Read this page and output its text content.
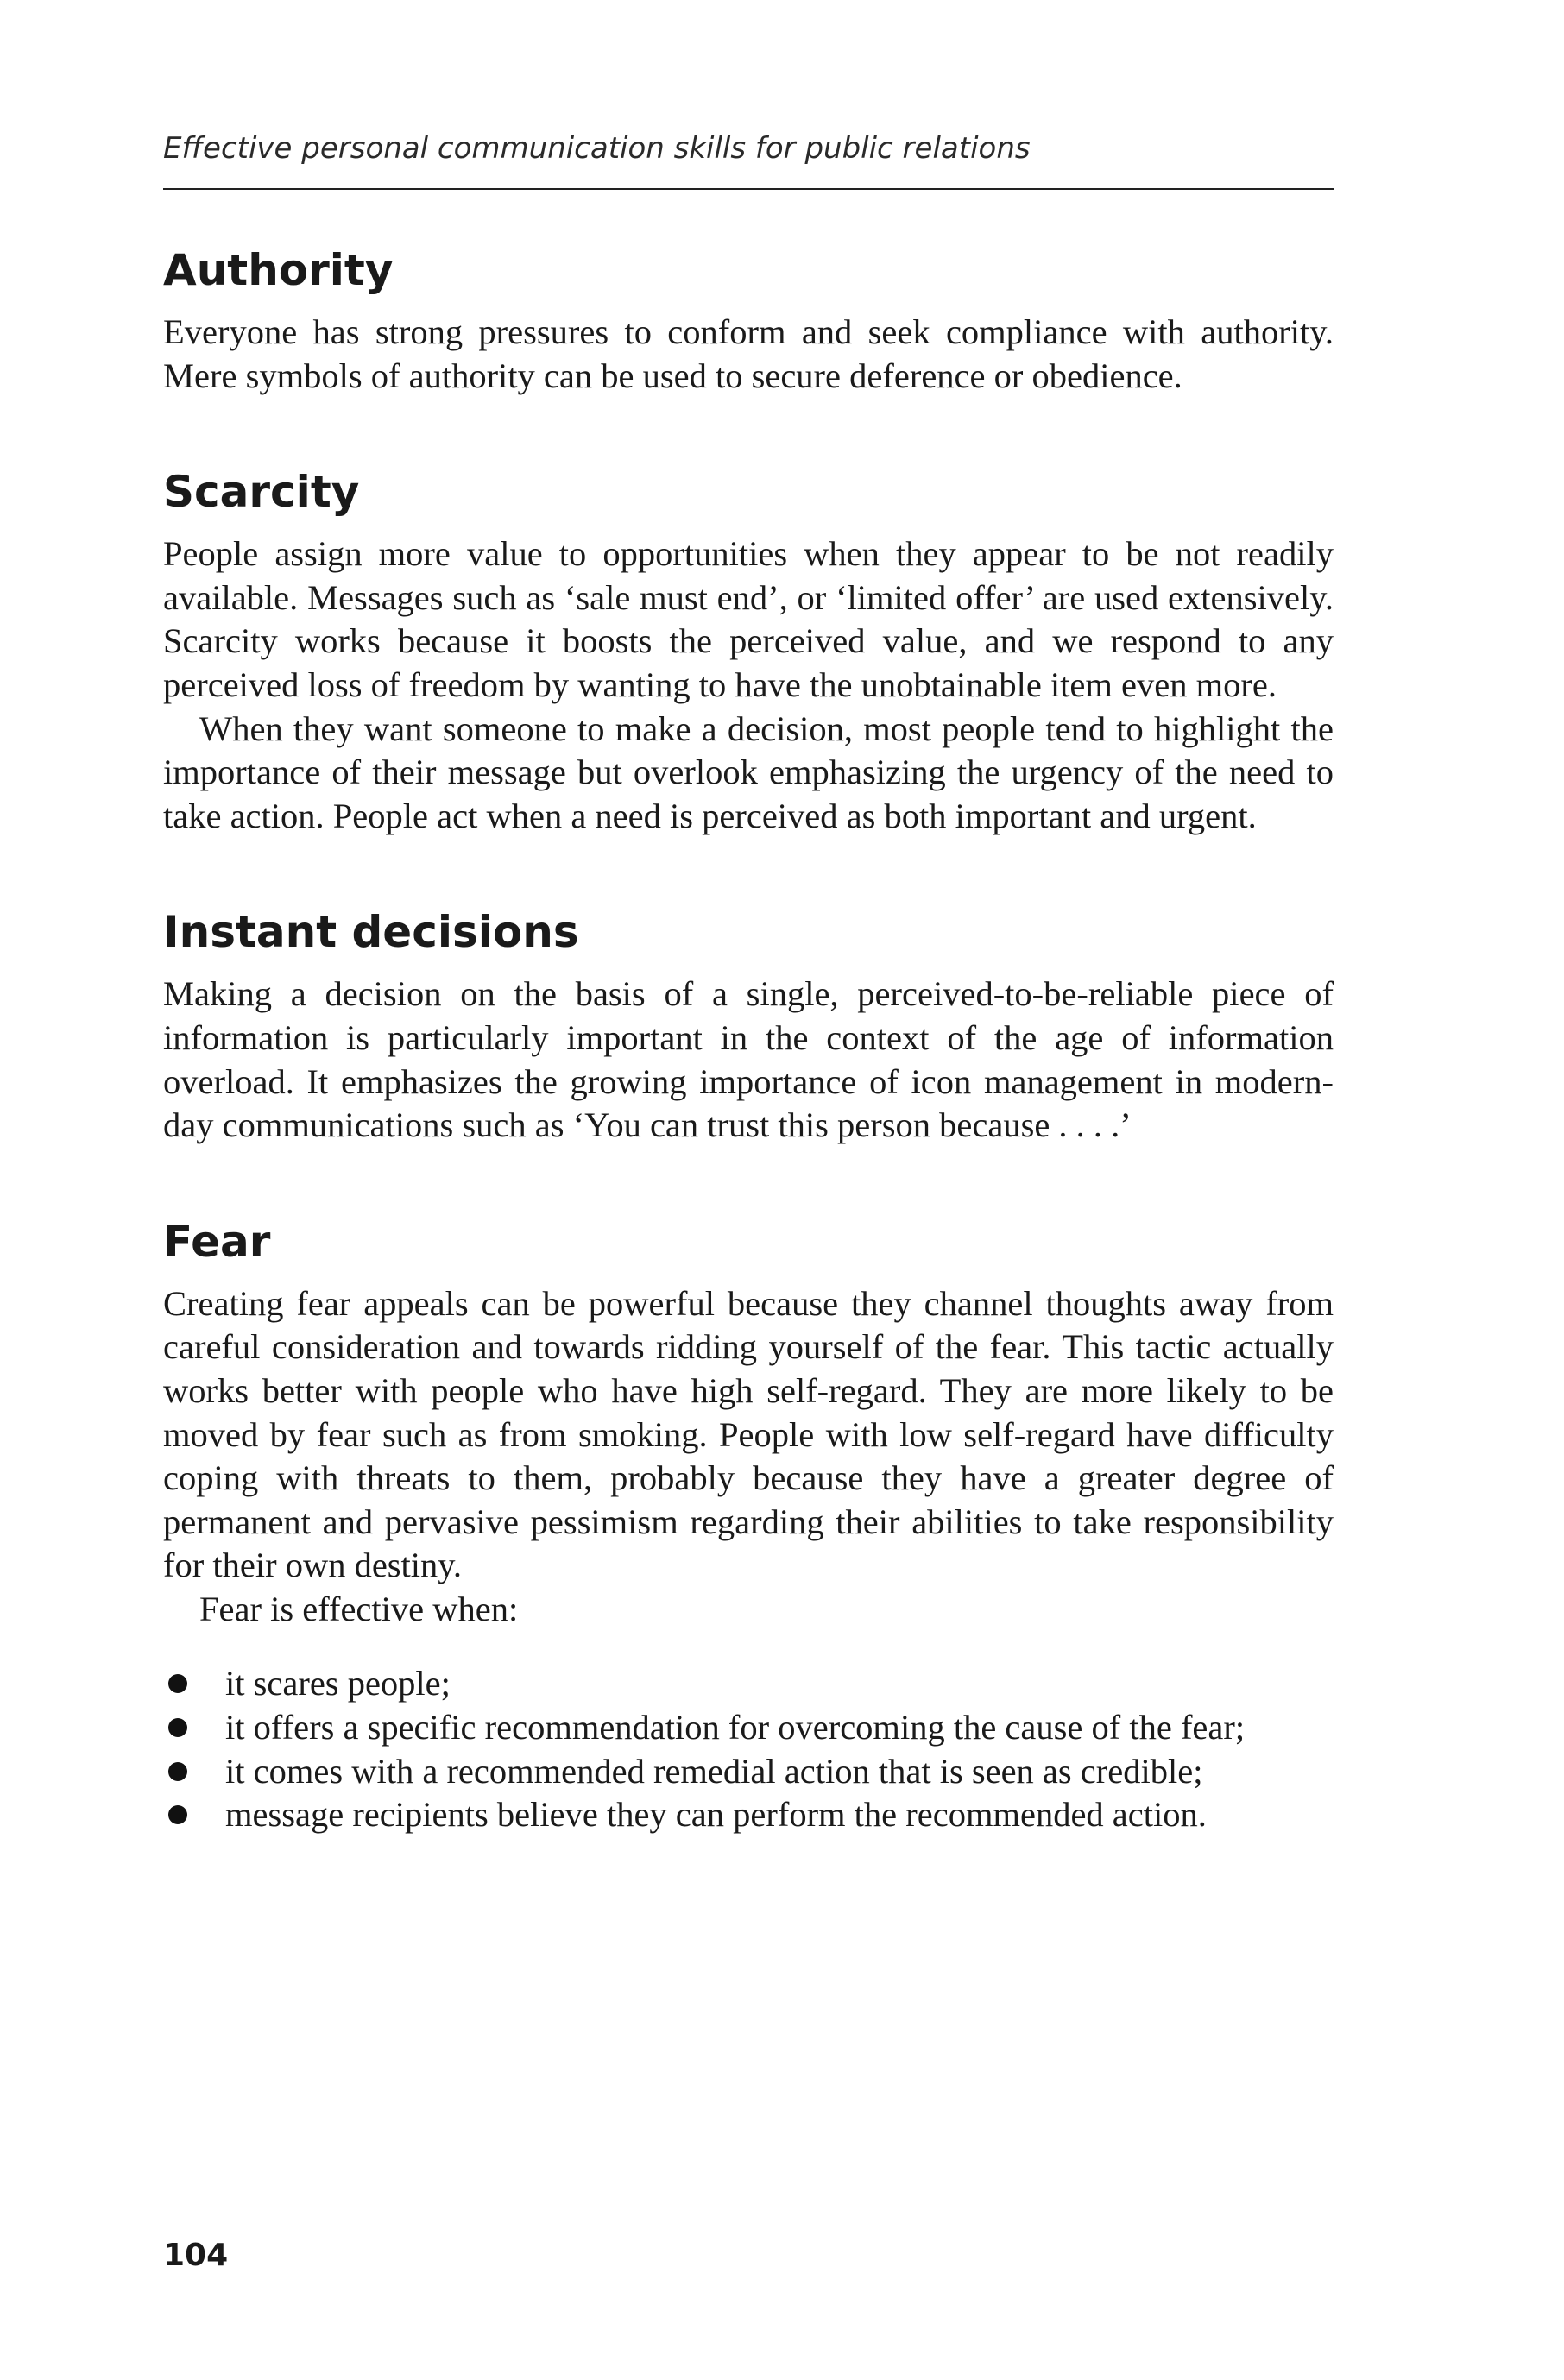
Effective personal communication skills for public relations
Authority

Everyone has strong pressures to conform and seek compliance with authority. Mere symbols of authority can be used to secure deference or obedience.

Scarcity

People assign more value to opportunities when they appear to be not readily available. Messages such as ‘sale must end’, or ‘limited offer’ are used extensively. Scarcity works because it boosts the perceived value, and we respond to any perceived loss of freedom by wanting to have the unobtainable item even more.

When they want someone to make a decision, most people tend to highlight the importance of their message but overlook emphasizing the urgency of the need to take action. People act when a need is perceived as both important and urgent.

Instant decisions

Making a decision on the basis of a single, perceived-to-be-reliable piece of information is particularly important in the context of the age of information overload. It emphasizes the growing importance of icon management in modern-day communications such as ‘You can trust this person because . . . .’

Fear

Creating fear appeals can be powerful because they channel thoughts away from careful consideration and towards ridding yourself of the fear. This tactic actually works better with people who have high self-regard. They are more likely to be moved by fear such as from smoking. People with low self-regard have difficulty coping with threats to them, probably because they have a greater degree of permanent and pervasive pessimism regarding their abilities to take responsibility for their own destiny.

Fear is effective when:

it scares people;
it offers a specific recommendation for overcoming the cause of the fear;
it comes with a recommended remedial action that is seen as credible;
message recipients believe they can perform the recommended action.
104
